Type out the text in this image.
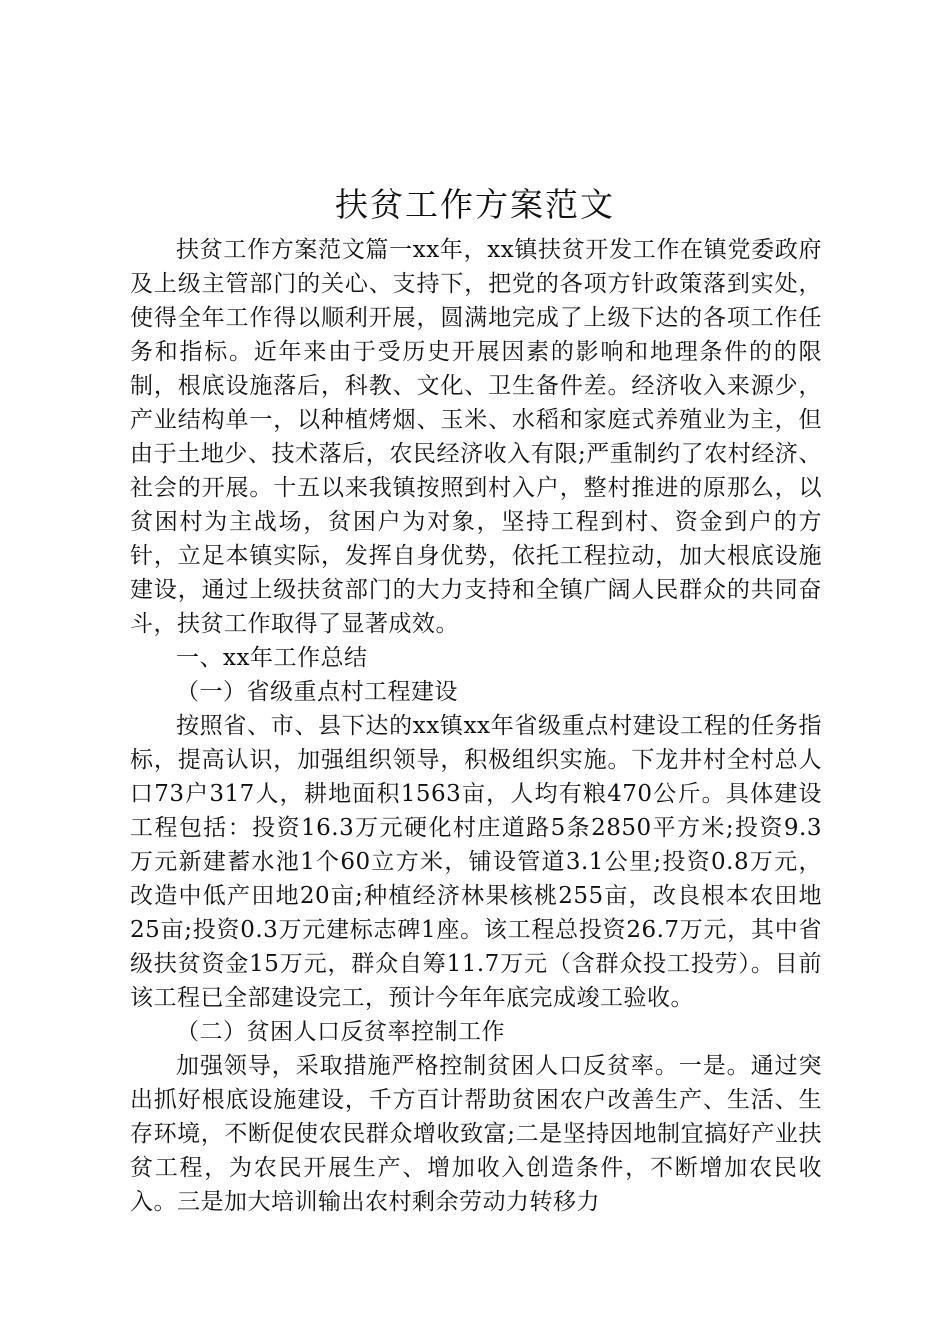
扶贫工作方案范文

扶贫工作方案范文篇一xx年，xx镇扶贫开发工作在镇党委政府及上级主管部门的关心、支持下，把党的各项方针政策落到实处，使得全年工作得以顺利开展，圆满地完成了上级下达的各项工作任务和指标。近年来由于受历史开展因素的影响和地理条件的的限制，根底设施落后，科教、文化、卫生备件差。经济收入来源少，产业结构单一，以种植烤烟、玉米、水稻和家庭式养殖业为主，但由于土地少、技术落后，农民经济收入有限;严重制约了农村经济、社会的开展。十五以来我镇按照到村入户，整村推进的原那么，以贫困村为主战场，贫困户为对象，坚持工程到村、资金到户的方针，立足本镇实际，发挥自身优势，依托工程拉动，加大根底设施建设，通过上级扶贫部门的大力支持和全镇广阔人民群众的共同奋斗，扶贫工作取得了显著成效。

一、xx年工作总结

（一）省级重点村工程建设

按照省、市、县下达的xx镇xx年省级重点村建设工程的任务指标，提高认识，加强组织领导，积极组织实施。下龙井村全村总人口73户317人，耕地面积1563亩，人均有粮470公斤。具体建设工程包括：投资16.3万元硬化村庄道路5条2850平方米;投资9.3万元新建蓄水池1个60立方米，铺设管道3.1公里;投资0.8万元，改造中低产田地20亩;种植经济林果核桃255亩，改良根本农田地25亩;投资0.3万元建标志碑1座。该工程总投资26.7万元，其中省级扶贫资金15万元，群众自筹11.7万元（含群众投工投劳）。目前该工程已全部建设完工，预计今年年底完成竣工验收。

（二）贫困人口反贫率控制工作

加强领导，采取措施严格控制贫困人口反贫率。一是。通过突出抓好根底设施建设，千方百计帮助贫困农户改善生产、生活、生存环境，不断促使农民群众增收致富;二是坚持因地制宜搞好产业扶贫工程，为农民开展生产、增加收入创造条件，不断增加农民收入。三是加大培训输出农村剩余劳动力转移力
